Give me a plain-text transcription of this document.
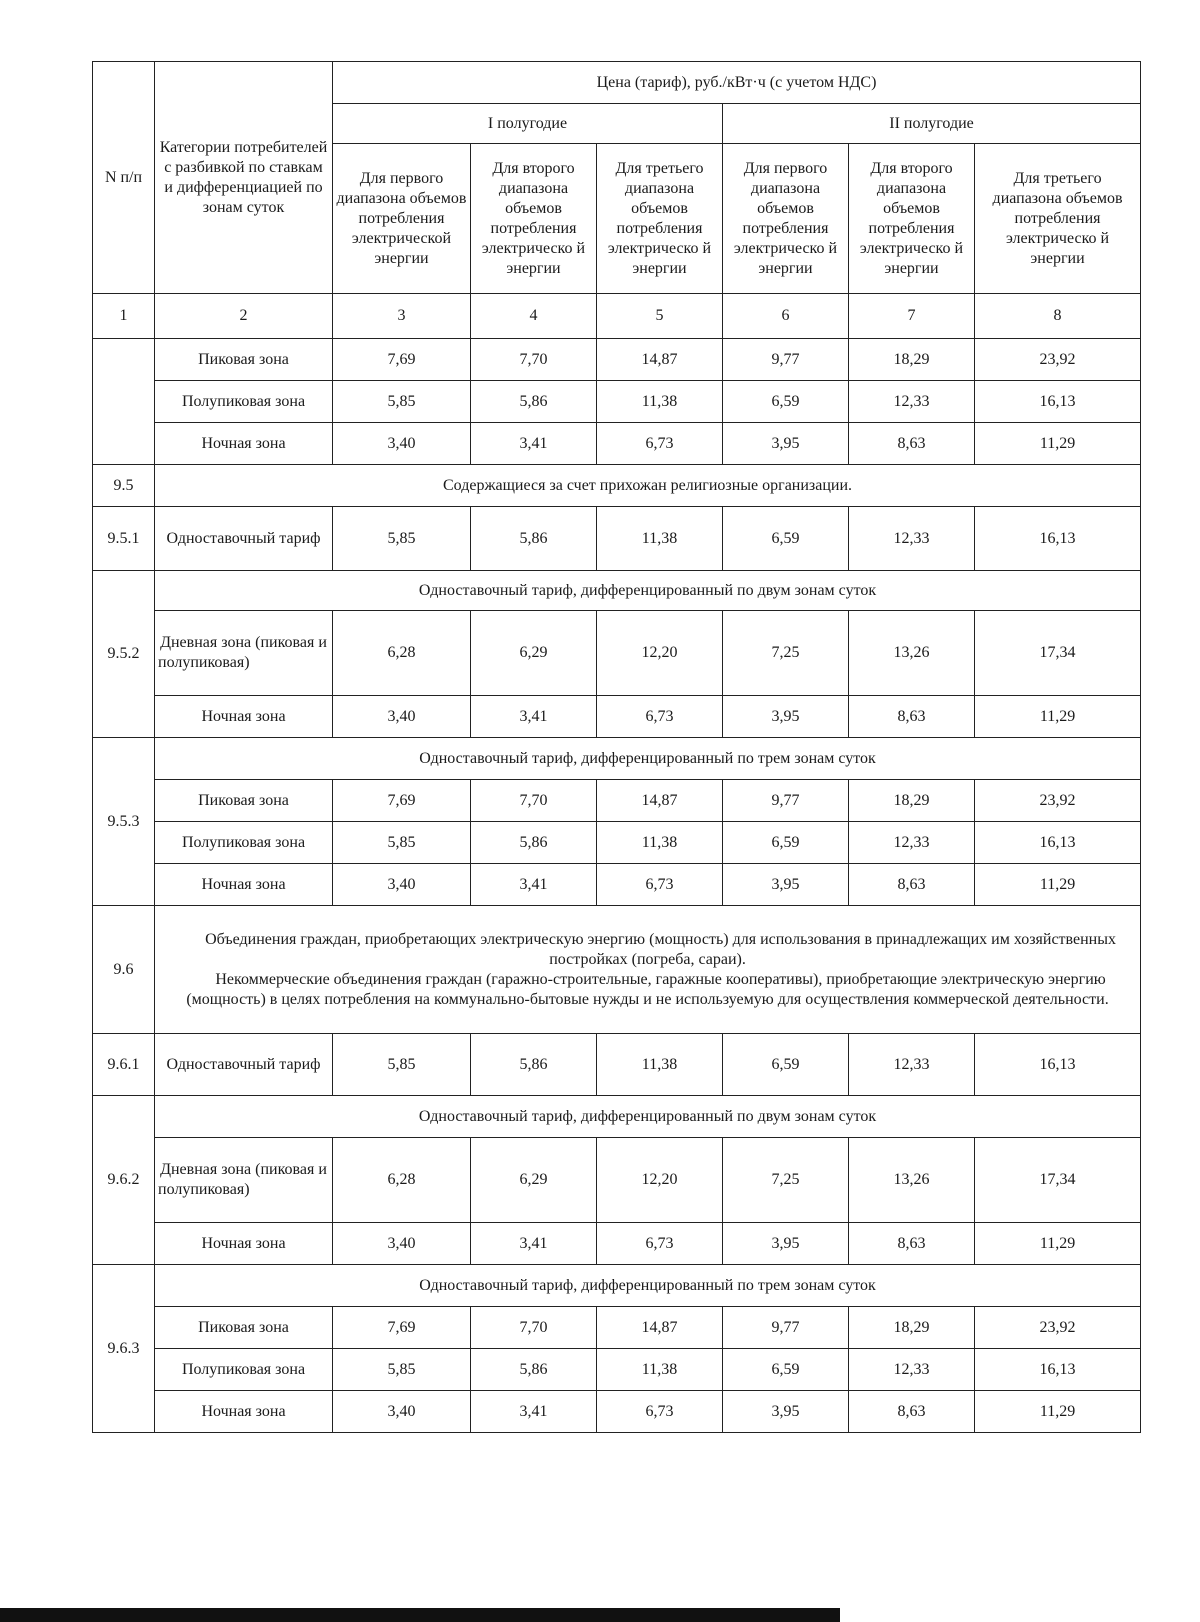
N п/п	Категории потребителей с разбивкой по ставкам и дифференциацией по зонам суток	Цена (тариф), руб./кВт·ч (с учетом НДС)					
		I полугодие			II полугодие		
		Для первого диапазона объемов потребления электрической энергии	Для второго диапазона объемов потребления электрическо й энергии	Для третьего диапазона объемов потребления электрическо й энергии	Для первого диапазона объемов потребления электрическо й энергии	Для второго диапазона объемов потребления электрическо й энергии	Для третьего диапазона объемов потребления электрическо й энергии
1	2	3	4	5	6	7	8
	Пиковая зона	7,69	7,70	14,87	9,77	18,29	23,92
	Полупиковая зона	5,85	5,86	11,38	6,59	12,33	16,13
	Ночная зона	3,40	3,41	6,73	3,95	8,63	11,29
9.5	Содержащиеся за счет прихожан религиозные организации.						
9.5.1	Одноставочный тариф	5,85	5,86	11,38	6,59	12,33	16,13
9.5.2	Одноставочный тариф, дифференцированный по двум зонам суток						
	Дневная зона (пиковая и полупиковая)	6,28	6,29	12,20	7,25	13,26	17,34
	Ночная зона	3,40	3,41	6,73	3,95	8,63	11,29
9.5.3	Одноставочный тариф, дифференцированный по трем зонам суток						
	Пиковая зона	7,69	7,70	14,87	9,77	18,29	23,92
	Полупиковая зона	5,85	5,86	11,38	6,59	12,33	16,13
	Ночная зона	3,40	3,41	6,73	3,95	8,63	11,29
9.6	Объединения граждан, приобретающих электрическую энергию (мощность) для использования в принадлежащих им хозяйственных постройках (погреба, сараи).

Некоммерческие объединения граждан (гаражно-строительные, гаражные кооперативы), приобретающие электрическую энергию (мощность) в целях потребления на коммунально-бытовые нужды и не используемую для осуществления коммерческой деятельности.						

9.6.1	Одноставочный тариф	5,85	5,86	11,38	6,59	12,33	16,13
9.6.2	Одноставочный тариф, дифференцированный по двум зонам суток						
	Дневная зона (пиковая и полупиковая)	6,28	6,29	12,20	7,25	13,26	17,34
	Ночная зона	3,40	3,41	6,73	3,95	8,63	11,29
9.6.3	Одноставочный тариф, дифференцированный по трем зонам суток						
	Пиковая зона	7,69	7,70	14,87	9,77	18,29	23,92
	Полупиковая зона	5,85	5,86	11,38	6,59	12,33	16,13
	Ночная зона	3,40	3,41	6,73	3,95	8,63	11,29
